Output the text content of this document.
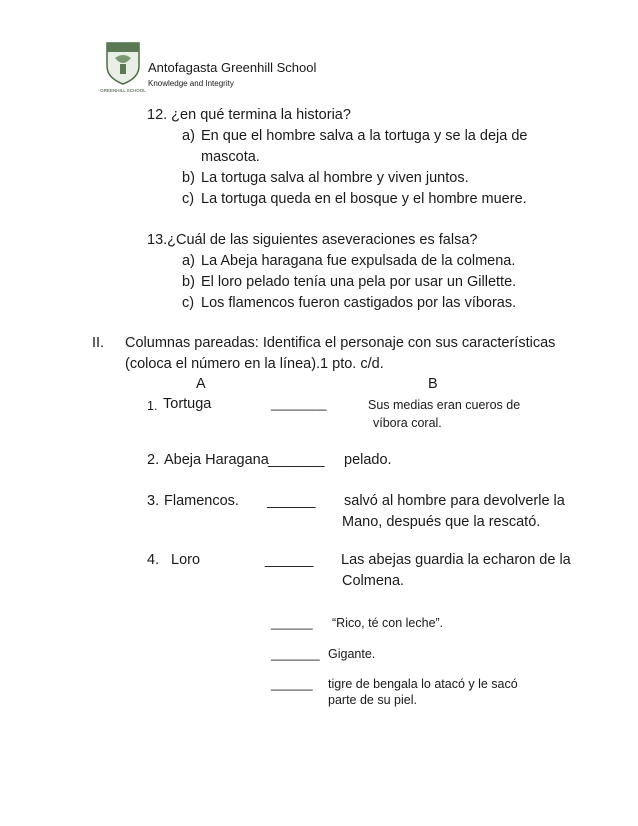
GREENHILL SCHOOL
Antofagasta Greenhill School
Knowledge and Integrity
12. ¿en qué termina la historia?
a) En que el hombre salva a la tortuga y se la deja de
mascota.
b) La tortuga salva al hombre y viven juntos.
c) La tortuga queda en el bosque y el hombre muere.
13.¿Cuál de las siguientes aseveraciones es falsa?
a) La Abeja haragana fue expulsada de la colmena.
b) El loro pelado tenía una pela por usar un Gillette.
c) Los flamencos fueron castigados por las víboras.
II. Columnas pareadas: Identifica el personaje con sus características
(coloca el número en la línea).1 pto. c/d.
A	B
1. Tortuga	________	Sus medias eran cueros de
víbora coral.
2. Abeja Haragana _______ pelado.
3. Flamencos. ______ salvó al hombre para devolverle la
Mano, después que la rescató.
4. Loro	______ Las abejas guardia la echaron de la
Colmena.
______ “Rico, té con leche”.
_______ Gigante.
______ tigre de bengala lo atacó y le sacó
parte de su piel.
